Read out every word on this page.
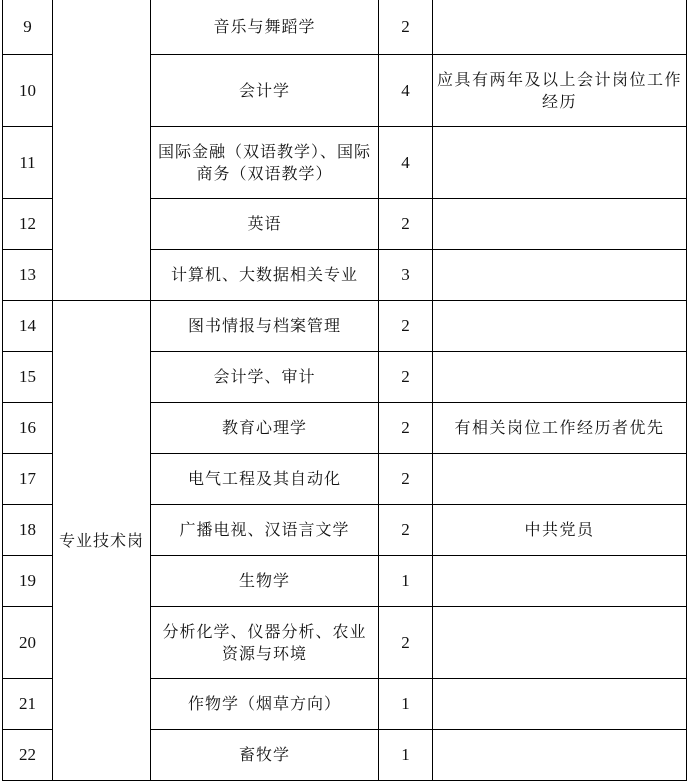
9		音乐与舞蹈学	2	
10		会计学	4	应具有两年及以上会计岗位工作经历
11		国际金融（双语教学）、国际商务（双语教学）	4	
12		英语	2	
13		计算机、大数据相关专业	3	
14	专业技术岗	图书情报与档案管理	2	
15		会计学、审计	2	
16		教育心理学	2	有相关岗位工作经历者优先
17		电气工程及其自动化	2	
18		广播电视、汉语言文学	2	中共党员
19		生物学	1	
20		分析化学、仪器分析、农业资源与环境	2	
21		作物学（烟草方向）	1	
22		畜牧学	1	
